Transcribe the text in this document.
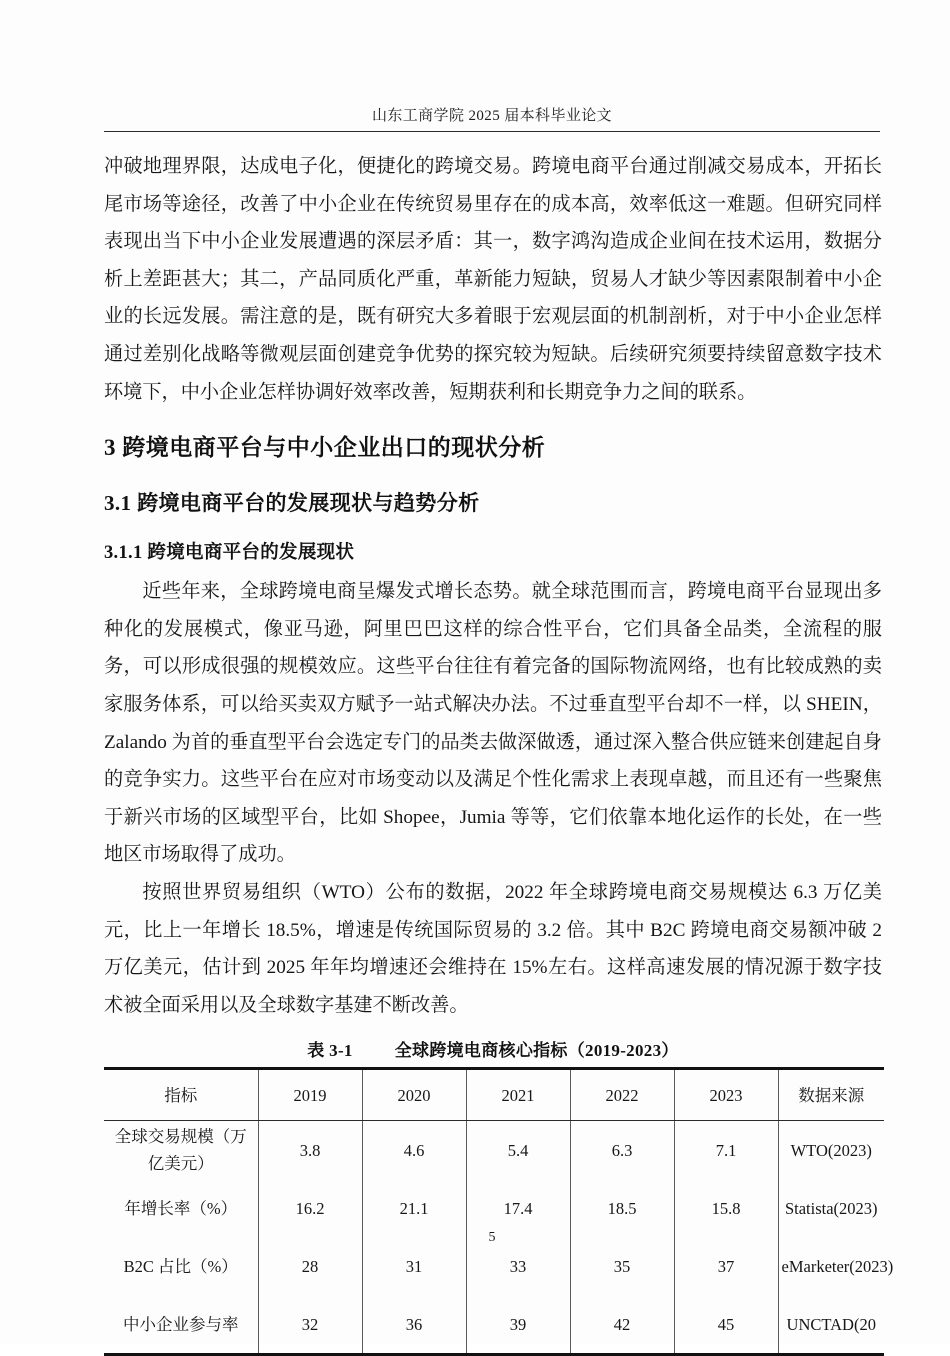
山东工商学院 2025 届本科毕业论文

冲破地理界限，达成电子化，便捷化的跨境交易。跨境电商平台通过削减交易成本，开拓长尾市场等途径，改善了中小企业在传统贸易里存在的成本高，效率低这一难题。但研究同样表现出当下中小企业发展遭遇的深层矛盾：其一，数字鸿沟造成企业间在技术运用，数据分析上差距甚大；其二，产品同质化严重，革新能力短缺，贸易人才缺少等因素限制着中小企业的长远发展。需注意的是，既有研究大多着眼于宏观层面的机制剖析，对于中小企业怎样通过差别化战略等微观层面创建竞争优势的探究较为短缺。后续研究须要持续留意数字技术环境下，中小企业怎样协调好效率改善，短期获利和长期竞争力之间的联系。

3 跨境电商平台与中小企业出口的现状分析
3.1 跨境电商平台的发展现状与趋势分析
3.1.1 跨境电商平台的发展现状

近些年来，全球跨境电商呈爆发式增长态势。就全球范围而言，跨境电商平台显现出多种化的发展模式，像亚马逊，阿里巴巴这样的综合性平台，它们具备全品类，全流程的服务，可以形成很强的规模效应。这些平台往往有着完备的国际物流网络，也有比较成熟的卖家服务体系，可以给买卖双方赋予一站式解决办法。不过垂直型平台却不一样，以 SHEIN，Zalando 为首的垂直型平台会选定专门的品类去做深做透，通过深入整合供应链来创建起自身的竞争实力。这些平台在应对市场变动以及满足个性化需求上表现卓越，而且还有一些聚焦于新兴市场的区域型平台，比如 Shopee，Jumia 等等，它们依靠本地化运作的长处，在一些地区市场取得了成功。

按照世界贸易组织（WTO）公布的数据，2022 年全球跨境电商交易规模达 6.3 万亿美元，比上一年增长 18.5%，增速是传统国际贸易的 3.2 倍。其中 B2C 跨境电商交易额冲破 2 万亿美元，估计到 2025 年年均增速还会维持在 15%左右。这样高速发展的情况源于数字技术被全面采用以及全球数字基建不断改善。

表 3-1 全球跨境电商核心指标（2019-2023）
指标	2019	2020	2021	2022	2023	数据来源
全球交易规模（万亿美元）	3.8	4.6	5.4	6.3	7.1	WTO(2023)
年增长率（%）	16.2	21.1	17.4	18.5	15.8	Statista(2023)
B2C 占比（%）	28	31	33	35	37	eMarketer(2023)
中小企业参与率	32	36	39	42	45	UNCTAD(20
5
